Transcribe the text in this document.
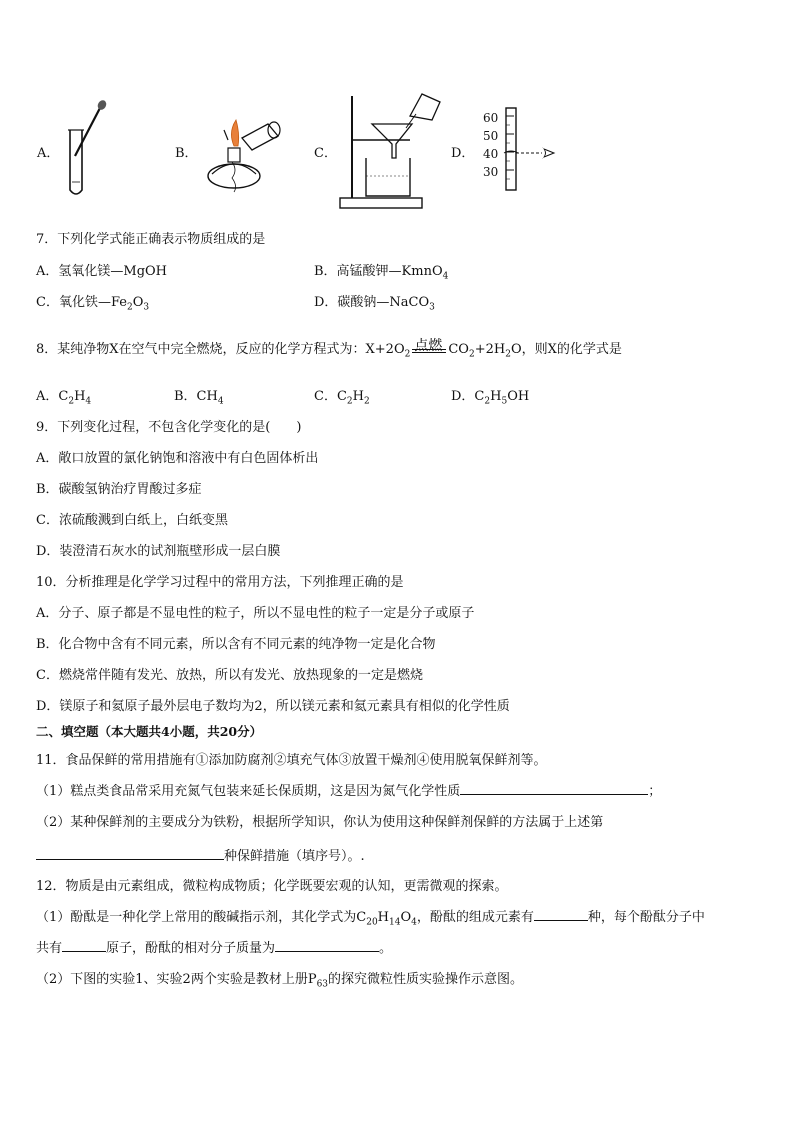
A．	B．	C．	D．
60
50
40
30
7．下列化学式能正确表示物质组成的是
A．氢氧化镁—MgOH	B．高锰酸钾—KmnO$_4$
C．氧化铁$—Fe_2O_3$	D．碳酸钠—NaCO$_3$
8．某纯净物X在空气中完全燃烧，反应的化学方程式为：$X+2O_2$
点燃 $CO_2+2H_2O$，则X的化学式是
A．$C_2H_4$	B．$CH_4$	C．$C_2H_2$	D．$C_2H_5OH$
9．下列变化过程，不包含化学变化的是(　　)
A．敞口放置的氯化钠饱和溶液中有白色固体析出
B．碳酸氢钠治疗胃酸过多症
C．浓硫酸溅到白纸上，白纸变黑
D．装澄清石灰水的试剂瓶壁形成一层白膜
10．分析推理是化学学习过程中的常用方法，下列推理正确的是
A．分子、原子都是不显电性的粒子，所以不显电性的粒子一定是分子或原子
B．化合物中含有不同元素，所以含有不同元素的纯净物一定是化合物
C．燃烧常伴随有发光、放热，所以有发光、放热现象的一定是燃烧
D．镁原子和氦原子最外层电子数均为2，所以镁元素和氦元素具有相似的化学性质
二、填空题（本大题共4小题，共20分）
11．食品保鲜的常用措施有①添加防腐剂②填充气体③放置干燥剂④使用脱氧保鲜剂等。
（1）糕点类食品常采用充氮气包装来延长保质期，这是因为氮气化学性质	；
（2）某种保鲜剂的主要成分为铁粉，根据所学知识，你认为使用这种保鲜剂保鲜的方法属于上述第
种保鲜措施（填序号）。.
12．物质是由元素组成，微粒构成物质；化学既要宏观的认知，更需微观的探索。
（1）酚酞是一种化学上常用的酸碱指示剂，其化学式为$C_{20}H_{14}O_4$，酚酞的组成元素有	种，每个酚酞分子中
共有	原子，酚酞的相对分子质量为	。
（2）下图的实验1、实验2两个实验是教材上册$P_{63}$的探究微粒性质实验操作示意图。
